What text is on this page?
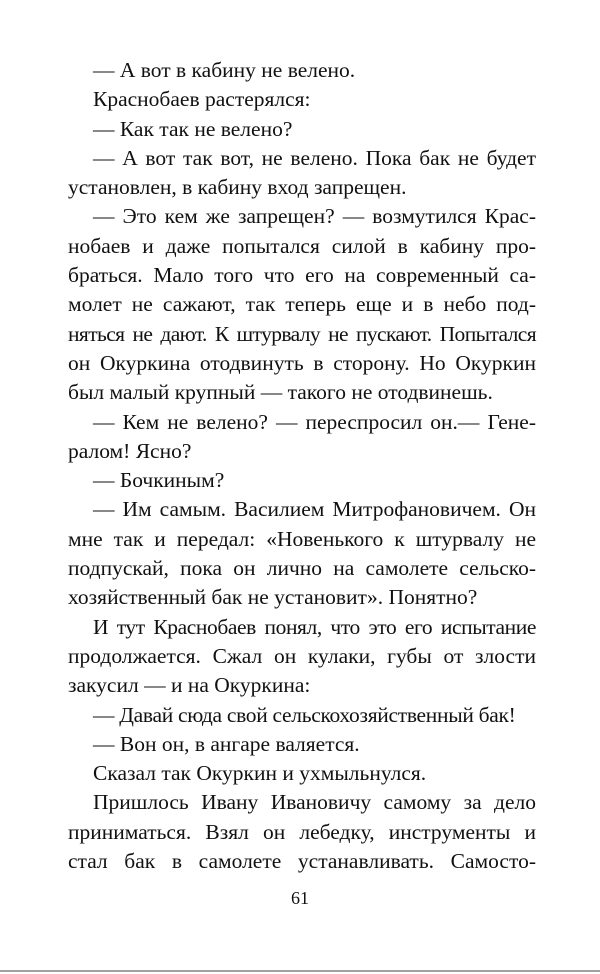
— А вот в кабину не велено.
Краснобаев растерялся:
— Как так не велено?
— А вот так вот, не велено. Пока бак не будет
установлен, в кабину вход запрещен.
— Это кем же запрещен? — возмутился Крас-
нобаев и даже попытался силой в кабину про-
браться. Мало того что его на современный са-
молет не сажают, так теперь еще и в небо под-
няться не дают. К штурвалу не пускают. Попытался
он Окуркина отодвинуть в сторону. Но Окуркин
был малый крупный — такого не отодвинешь.
— Кем не велено? — переспросил он.— Гене-
ралом! Ясно?
— Бочкиным?
— Им самым. Василием Митрофановичем. Он
мне так и передал: «Новенького к штурвалу не
подпускай, пока он лично на самолете сельско-
хозяйственный бак не установит». Понятно?
И тут Краснобаев понял, что это его испытание
продолжается. Сжал он кулаки, губы от злости
закусил — и на Окуркина:
— Давай сюда свой сельскохозяйственный бак!
— Вон он, в ангаре валяется.
Сказал так Окуркин и ухмыльнулся.
Пришлось Ивану Ивановичу самому за дело
приниматься. Взял он лебедку, инструменты и
стал бак в самолете устанавливать. Самосто-
61
